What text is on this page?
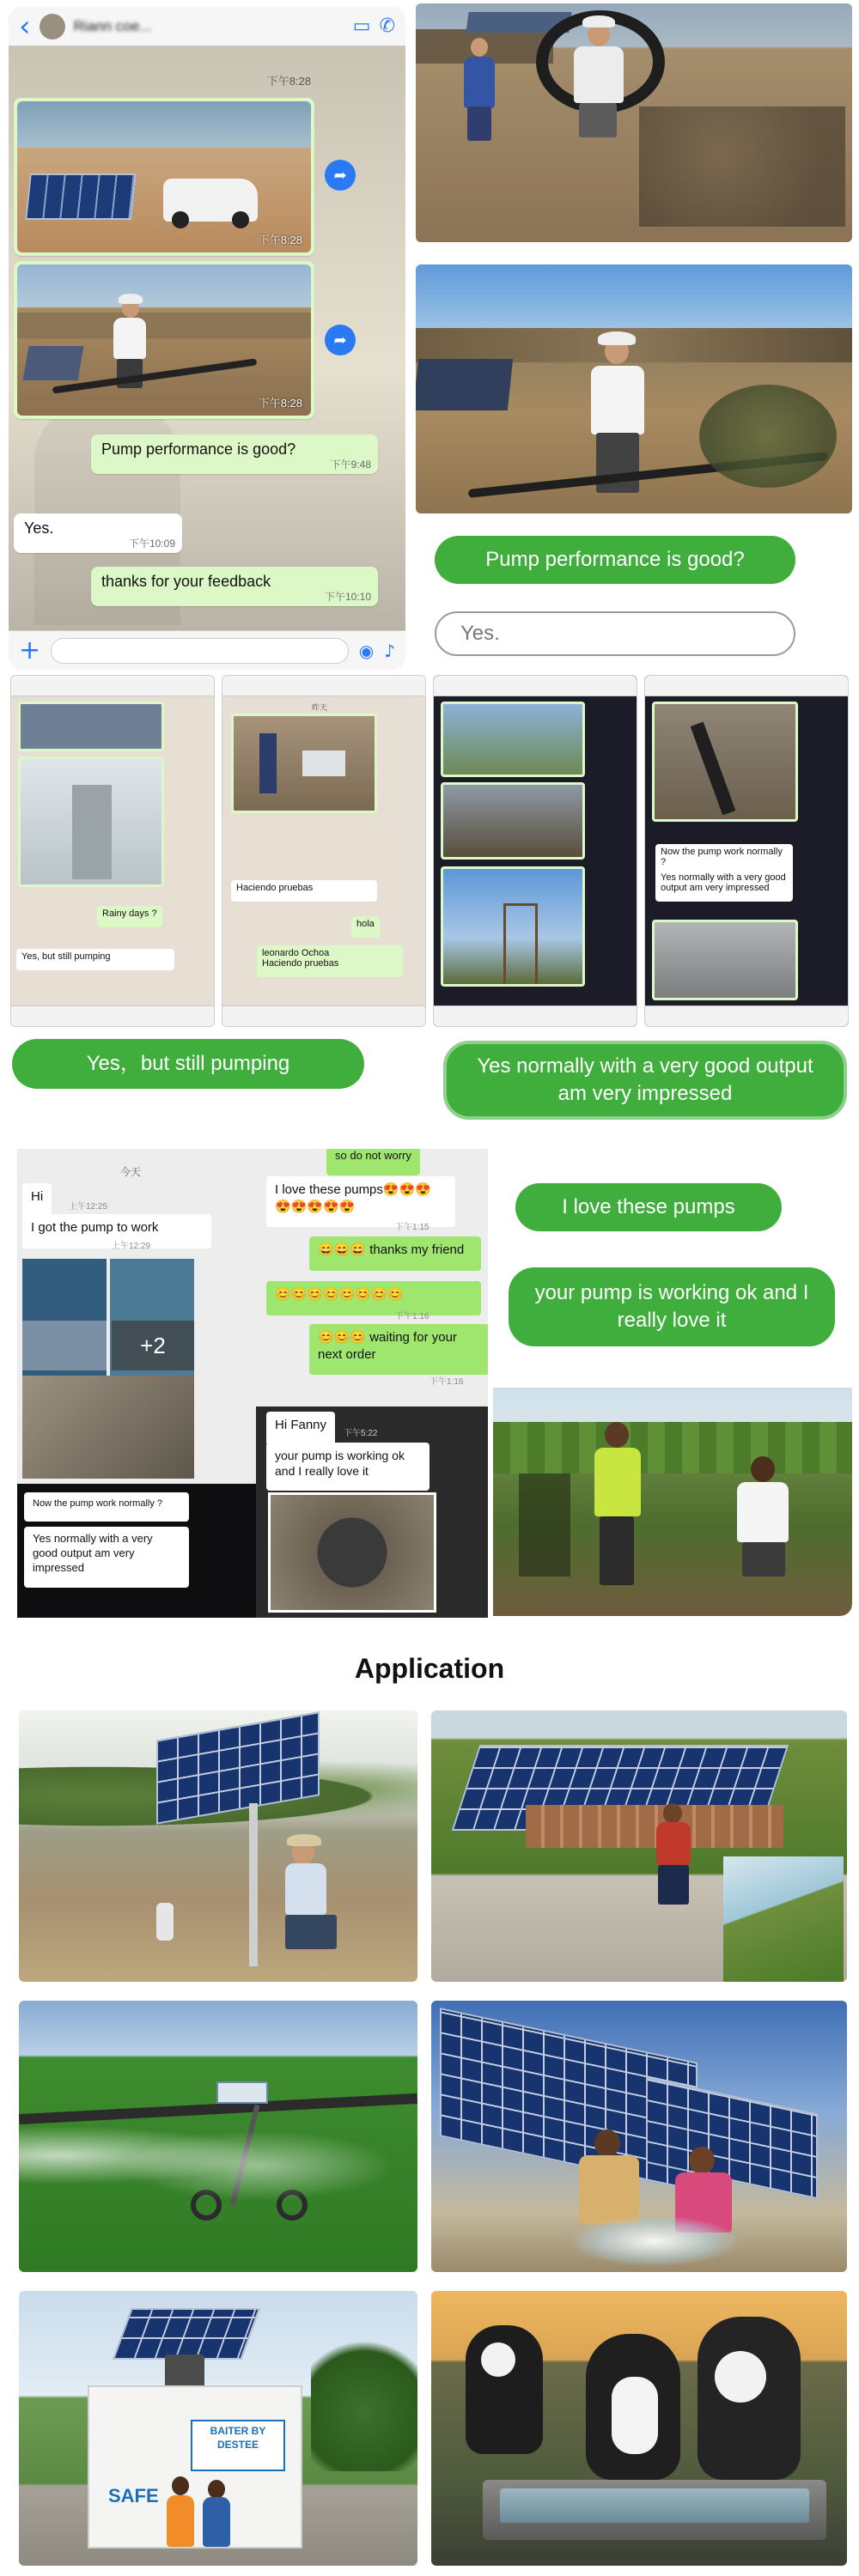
‹	Riann coe...	▭ ✆
下午8:28
下午8:28
➦
下午8:28
➦
Pump performance is good?
下午9:48
Yes.
下午10:09
thanks for your feedback
下午10:10
+	◉ ♪
Pump performance is good?
Yes.
Rainy days ?
Yes, but still pumping
昨天
Haciendo pruebas
hola
leonardo Ochoa
Haciendo pruebas
Now the pump work normally ?
Yes normally with a very good output am very impressed
Yes，but still pumping	Yes normally with a very good output am very impressed
今天
Hi
上午12:25
I got the pump to work
上午12:29
+2
Now the pump work normally ?
Yes normally with a very good output am very impressed
so do not worry
I love these pumps😍😍😍 😍😍😍😍😍
下午1:15
😄😄😄 thanks my friend
😊😊😊😊😊😊😊😊
下午1:16
😊😊😊 waiting for your next order
下午1:16
Hi Fanny
下午5:22
your pump is working ok and I really love it
I love these pumps
your pump is working ok and I really love it
Application
BAITER BY DESTEE
SAFE
